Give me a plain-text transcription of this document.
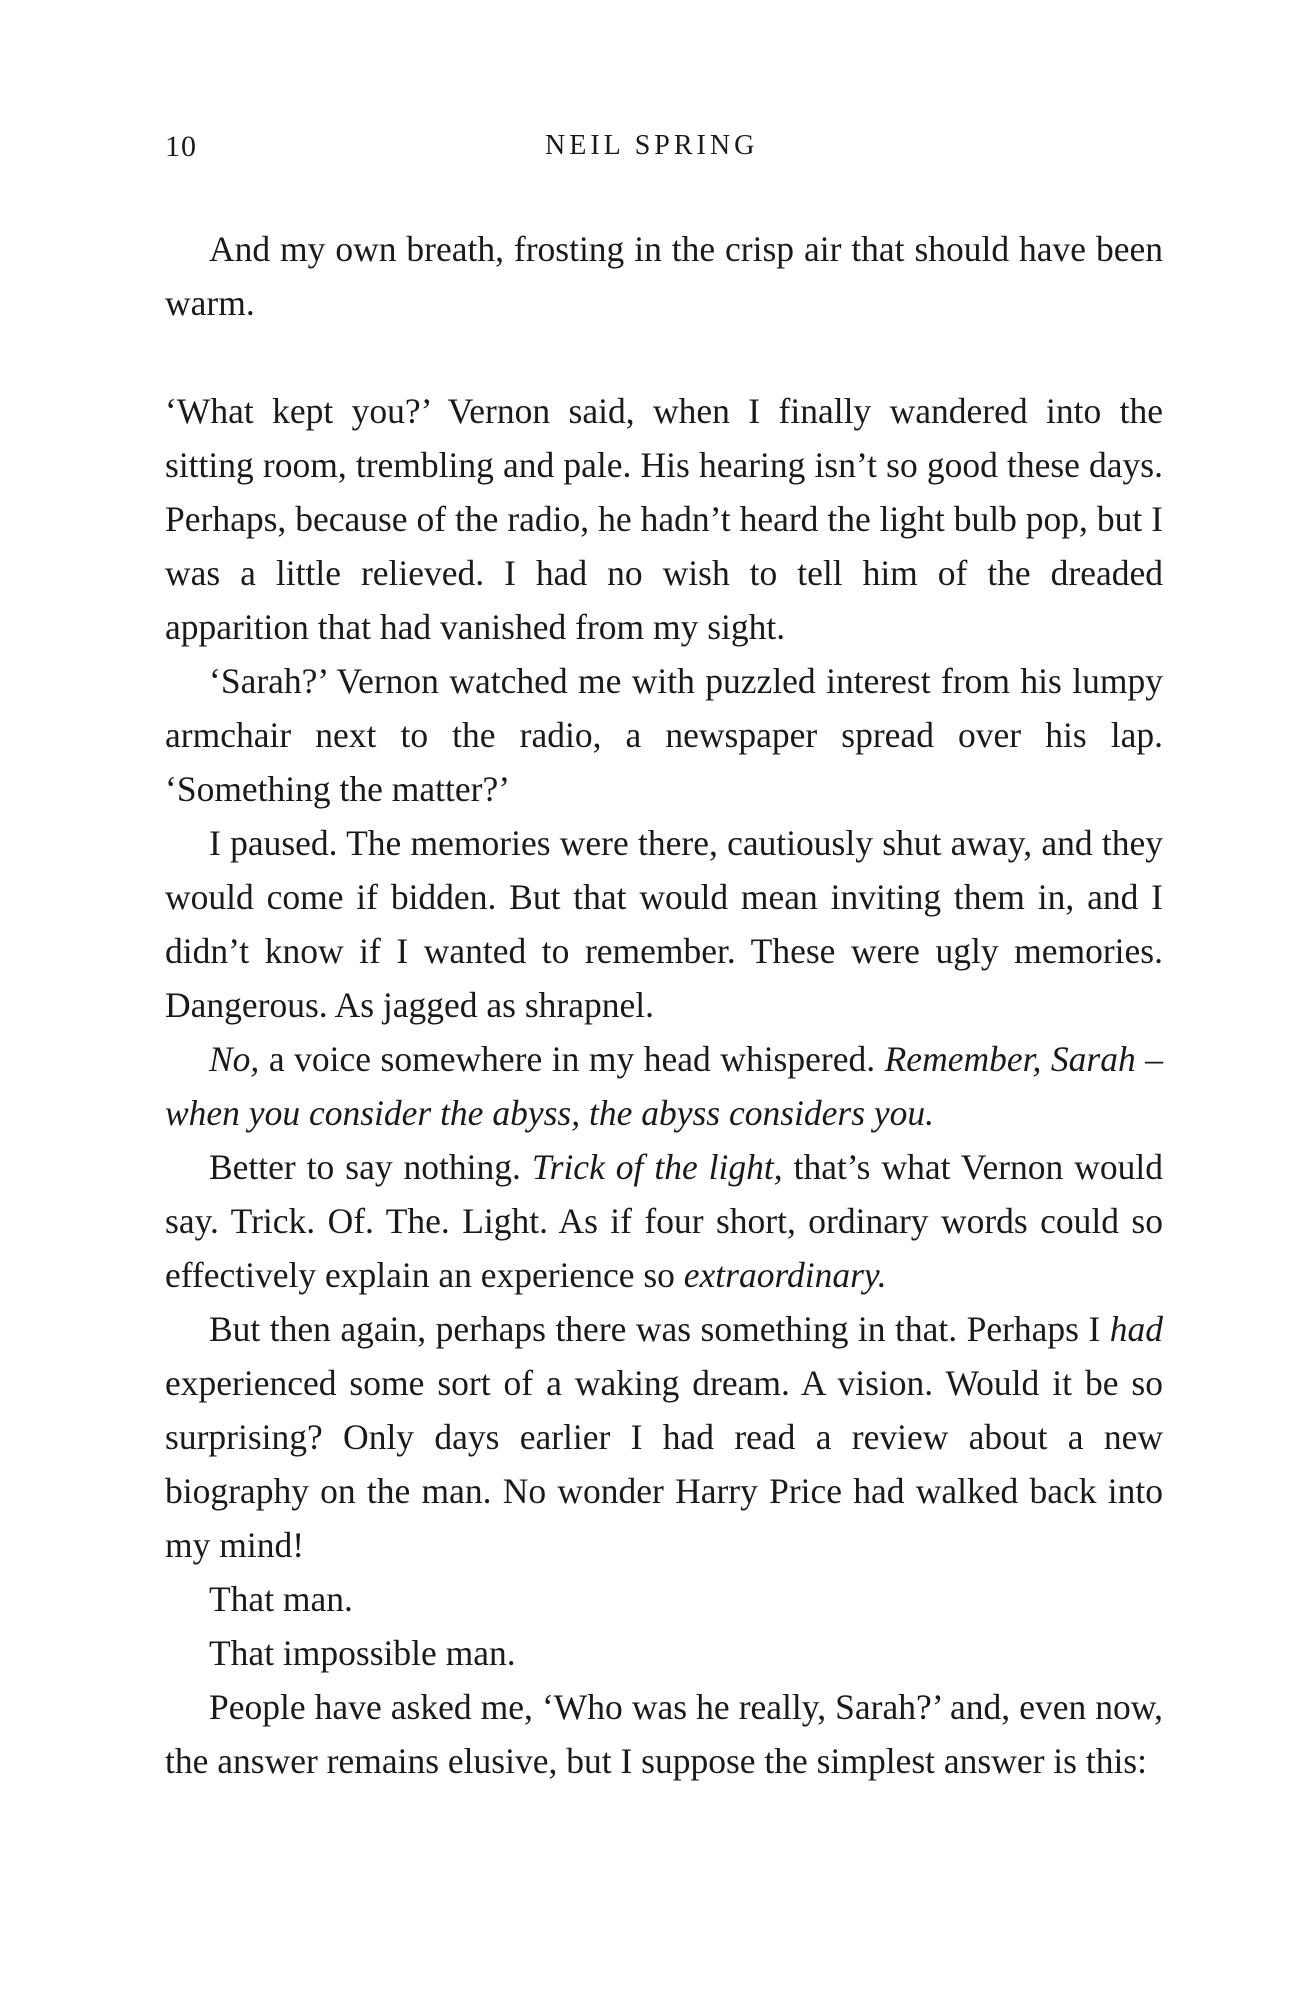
10	NEIL SPRING

And my own breath, frosting in the crisp air that should have been warm.

‘What kept you?’ Vernon said, when I finally wandered into the sitting room, trembling and pale. His hearing isn’t so good these days. Perhaps, because of the radio, he hadn’t heard the light bulb pop, but I was a little relieved. I had no wish to tell him of the dreaded apparition that had vanished from my sight.

‘Sarah?’ Vernon watched me with puzzled interest from his lumpy armchair next to the radio, a newspaper spread over his lap. ‘Something the matter?’

I paused. The memories were there, cautiously shut away, and they would come if bidden. But that would mean inviting them in, and I didn’t know if I wanted to remember. These were ugly memories. Dangerous. As jagged as shrapnel.

No, a voice somewhere in my head whispered. Remember, Sarah – when you consider the abyss, the abyss considers you.

Better to say nothing. Trick of the light, that’s what Vernon would say. Trick. Of. The. Light. As if four short, ordinary words could so effectively explain an experience so extraordinary.

But then again, perhaps there was something in that. Perhaps I had experienced some sort of a waking dream. A vision. Would it be so surprising? Only days earlier I had read a review about a new biography on the man. No wonder Harry Price had walked back into my mind!

That man.

That impossible man.

People have asked me, ‘Who was he really, Sarah?’ and, even now, the answer remains elusive, but I suppose the simplest answer is this:
